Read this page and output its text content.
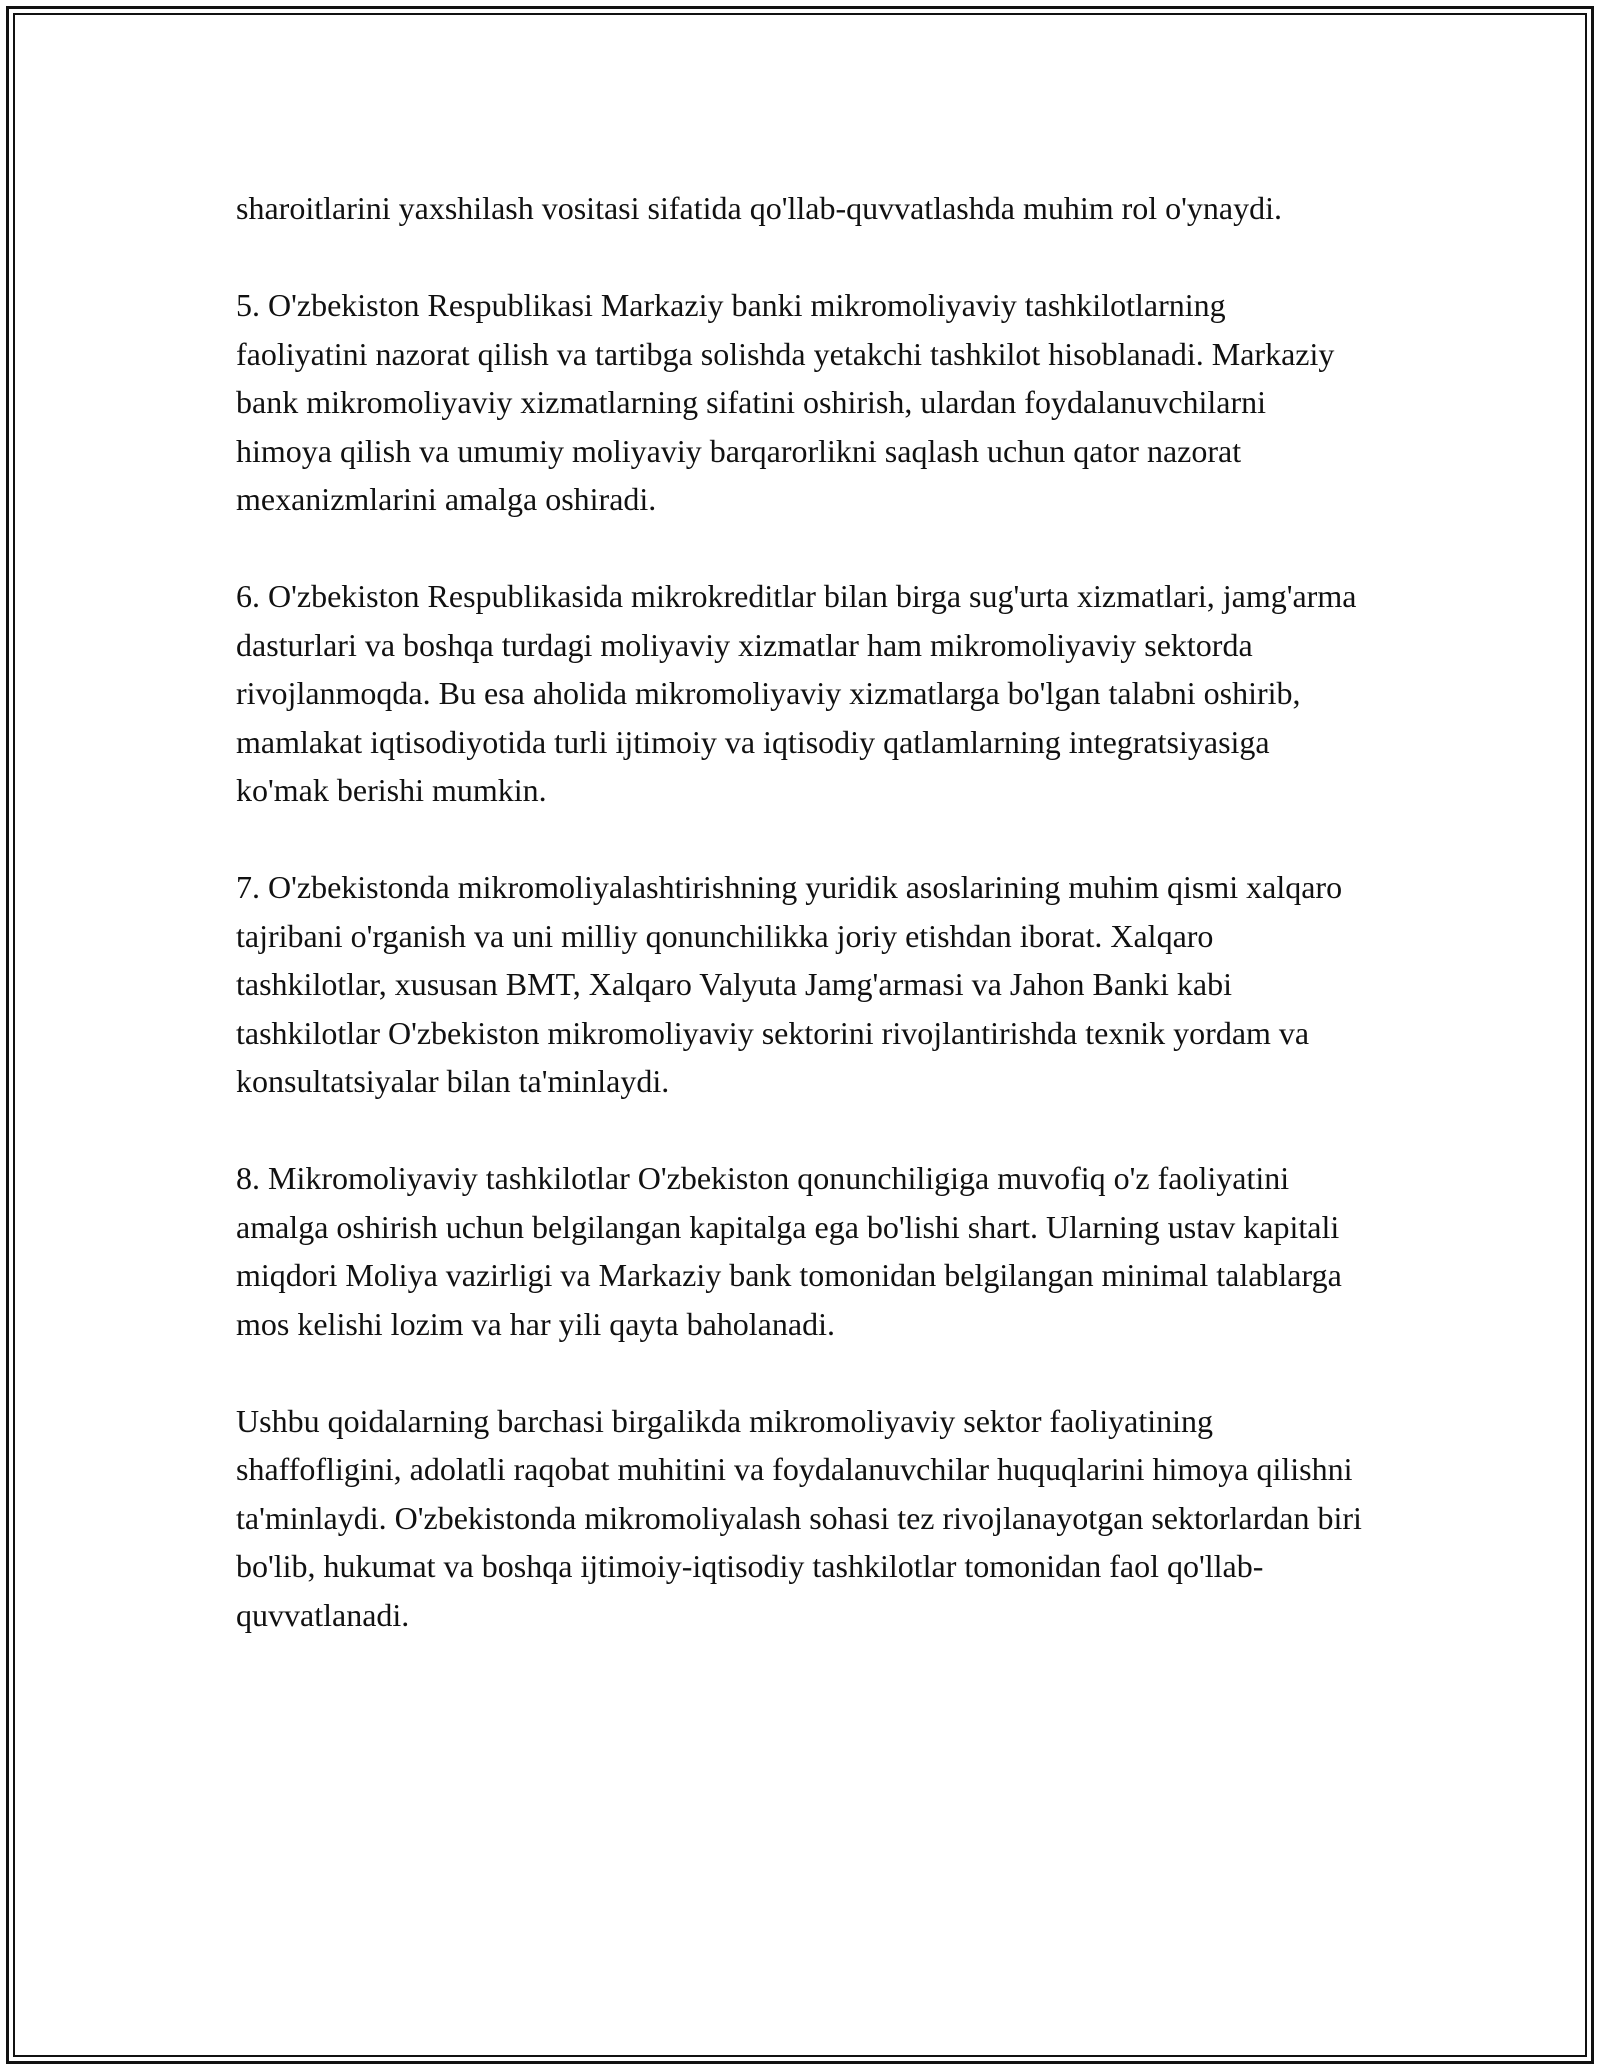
sharoitlarini yaxshilash vositasi sifatida qo'llab-quvvatlashda muhim rol o'ynaydi.

5. O'zbekiston Respublikasi Markaziy banki mikromoliyaviy tashkilotlarning faoliyatini nazorat qilish va tartibga solishda yetakchi tashkilot hisoblanadi. Markaziy bank mikromoliyaviy xizmatlarning sifatini oshirish, ulardan foydalanuvchilarni himoya qilish va umumiy moliyaviy barqarorlikni saqlash uchun qator nazorat mexanizmlarini amalga oshiradi.

6. O'zbekiston Respublikasida mikrokreditlar bilan birga sug'urta xizmatlari, jamg'arma dasturlari va boshqa turdagi moliyaviy xizmatlar ham mikromoliyaviy sektorda rivojlanmoqda. Bu esa aholida mikromoliyaviy xizmatlarga bo'lgan talabni oshirib, mamlakat iqtisodiyotida turli ijtimoiy va iqtisodiy qatlamlarning integratsiyasiga ko'mak berishi mumkin.

7. O'zbekistonda mikromoliyalashtirishning yuridik asoslarining muhim qismi xalqaro tajribani o'rganish va uni milliy qonunchilikka joriy etishdan iborat. Xalqaro tashkilotlar, xususan BMT, Xalqaro Valyuta Jamg'armasi va Jahon Banki kabi tashkilotlar O'zbekiston mikromoliyaviy sektorini rivojlantirishda texnik yordam va konsultatsiyalar bilan ta'minlaydi.

8. Mikromoliyaviy tashkilotlar O'zbekiston qonunchiligiga muvofiq o'z faoliyatini amalga oshirish uchun belgilangan kapitalga ega bo'lishi shart. Ularning ustav kapitali miqdori Moliya vazirligi va Markaziy bank tomonidan belgilangan minimal talablarga mos kelishi lozim va har yili qayta baholanadi.

Ushbu qoidalarning barchasi birgalikda mikromoliyaviy sektor faoliyatining shaffofligini, adolatli raqobat muhitini va foydalanuvchilar huquqlarini himoya qilishni ta'minlaydi. O'zbekistonda mikromoliyalash sohasi tez rivojlanayotgan sektorlardan biri bo'lib, hukumat va boshqa ijtimoiy-iqtisodiy tashkilotlar tomonidan faol qo'llab-quvvatlanadi.
